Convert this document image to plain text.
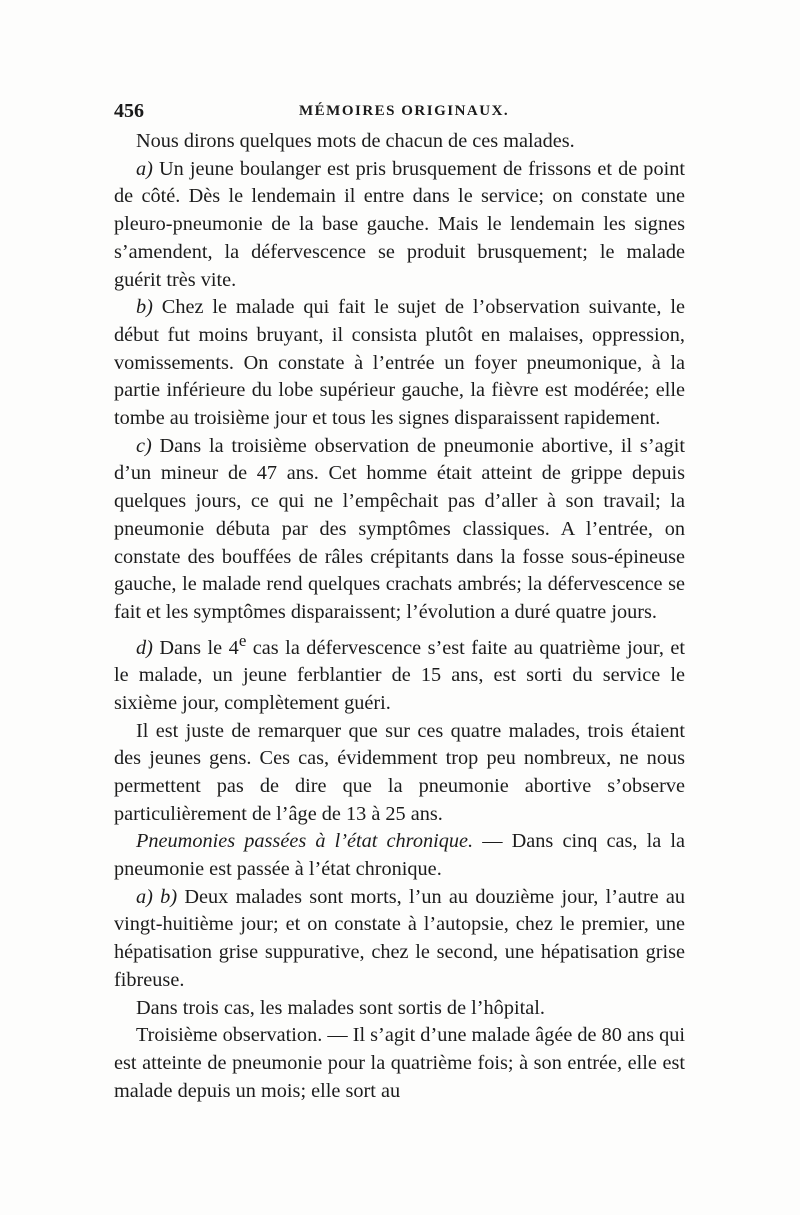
456	MÉMOIRES ORIGINAUX.

Nous dirons quelques mots de chacun de ces malades.

a) Un jeune boulanger est pris brusquement de frissons et de point de côté. Dès le lendemain il entre dans le service; on constate une pleuro-pneumonie de la base gauche. Mais le lendemain les signes s’amendent, la défervescence se produit brusquement; le malade guérit très vite.

b) Chez le malade qui fait le sujet de l’observation suivante, le début fut moins bruyant, il consista plutôt en malaises, oppression, vomissements. On constate à l’entrée un foyer pneumonique, à la partie inférieure du lobe supérieur gauche, la fièvre est modérée; elle tombe au troisième jour et tous les signes disparaissent rapidement.

c) Dans la troisième observation de pneumonie abortive, il s’agit d’un mineur de 47 ans. Cet homme était atteint de grippe depuis quelques jours, ce qui ne l’empêchait pas d’aller à son travail; la pneumonie débuta par des symptômes classiques. A l’entrée, on constate des bouffées de râles crépitants dans la fosse sous-épineuse gauche, le malade rend quelques crachats ambrés; la défervescence se fait et les symptômes disparaissent; l’évolution a duré quatre jours.

d) Dans le 4e cas la défervescence s’est faite au quatrième jour, et le malade, un jeune ferblantier de 15 ans, est sorti du service le sixième jour, complètement guéri.

Il est juste de remarquer que sur ces quatre malades, trois étaient des jeunes gens. Ces cas, évidemment trop peu nombreux, ne nous permettent pas de dire que la pneumonie abortive s’observe particulièrement de l’âge de 13 à 25 ans.

Pneumonies passées à l’état chronique. — Dans cinq cas, la la pneumonie est passée à l’état chronique.

a) b) Deux malades sont morts, l’un au douzième jour, l’autre au vingt-huitième jour; et on constate à l’autopsie, chez le premier, une hépatisation grise suppurative, chez le second, une hépatisation grise fibreuse.

Dans trois cas, les malades sont sortis de l’hôpital.

Troisième observation. — Il s’agit d’une malade âgée de 80 ans qui est atteinte de pneumonie pour la quatrième fois; à son entrée, elle est malade depuis un mois; elle sort au
